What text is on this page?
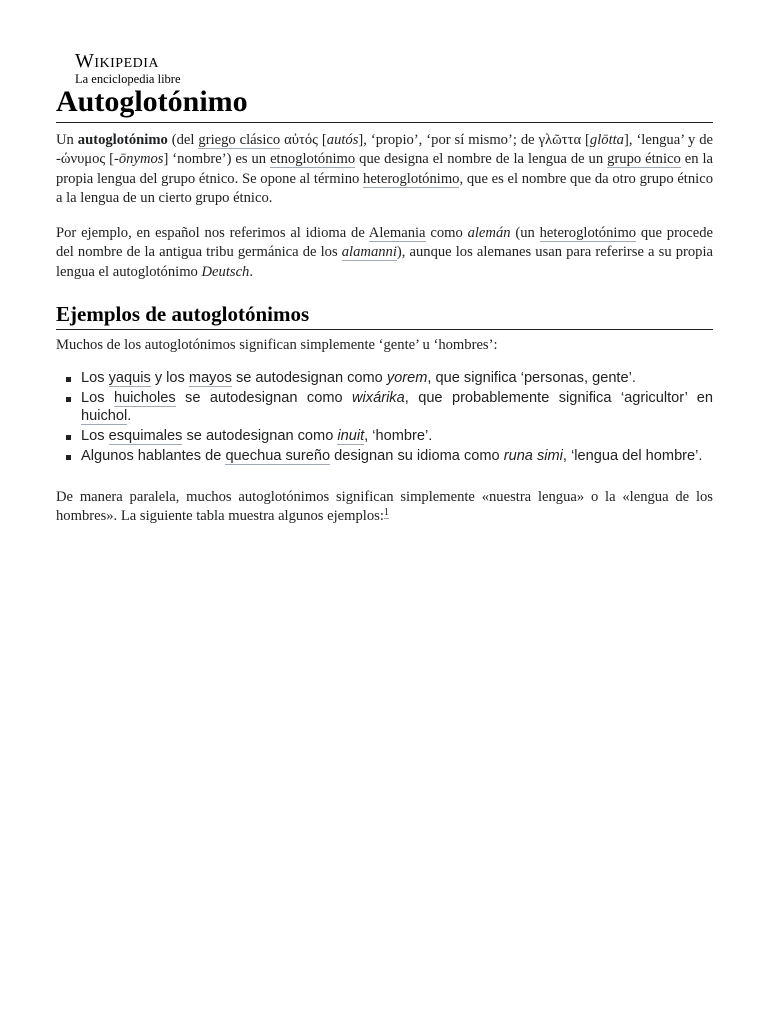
Wikipedia
La enciclopedia libre
Autoglotónimo

Un autoglotónimo (del griego clásico αὐτός [autós], ‘propio’, ‘por sí mismo’; de γλῶττα [glōtta], ‘lengua’ y de -ώνυμος [-ōnymos] ‘nombre’) es un etnoglotónimo que designa el nombre de la lengua de un grupo étnico en la propia lengua del grupo étnico. Se opone al término heteroglotónimo, que es el nombre que da otro grupo étnico a la lengua de un cierto grupo étnico.

Por ejemplo, en español nos referimos al idioma de Alemania como alemán (un heteroglotónimo que procede del nombre de la antigua tribu germánica de los alamanni), aunque los alemanes usan para referirse a su propia lengua el autoglotónimo Deutsch.

Ejemplos de autoglotónimos

Muchos de los autoglotónimos significan simplemente ‘gente’ u ‘hombres’:

Los yaquis y los mayos se autodesignan como yorem, que significa ‘personas, gente’.
Los huicholes se autodesignan como wixárika, que probablemente significa ‘agricultor’ en huichol.
Los esquimales se autodesignan como inuit, ‘hombre’.
Algunos hablantes de quechua sureño designan su idioma como runa simi, ‘lengua del hombre’.

De manera paralela, muchos autoglotónimos significan simplemente «nuestra lengua» o la «lengua de los hombres». La siguiente tabla muestra algunos ejemplos:$^1$
